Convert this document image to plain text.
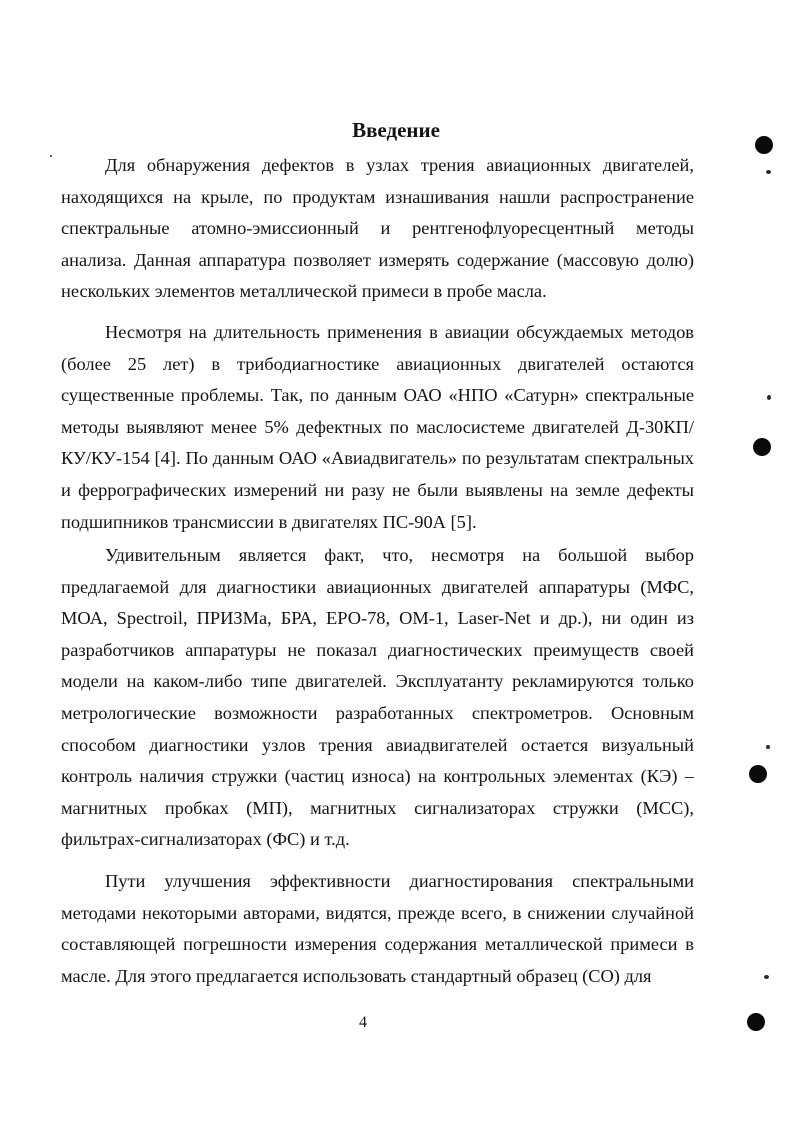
Введение

Для обнаружения дефектов в узлах трения авиационных двигателей, находящихся на крыле, по продуктам изнашивания нашли распространение спектральные атомно-эмиссионный и рентгенофлуоресцентный методы анализа. Данная аппаратура позволяет измерять содержание (массовую долю) нескольких элементов металлической примеси в пробе масла.

Несмотря на длительность применения в авиации обсуждаемых методов (более 25 лет) в трибодиагностике авиационных двигателей остаются существенные проблемы. Так, по данным ОАО «НПО «Сатурн» спектральные методы выявляют менее 5% дефектных по маслосистеме двигателей Д-30КП/КУ/КУ-154 [4]. По данным ОАО «Авиадвигатель» по результатам спектральных и феррографических измерений ни разу не были выявлены на земле дефекты подшипников трансмиссии в двигателях ПС-90А [5].

Удивительным является факт, что, несмотря на большой выбор предлагаемой для диагностики авиационных двигателей аппаратуры (МФС, МОА, Spectroil, ПРИЗМа, БРА, ЕРО-78, ОМ-1, Laser-Net и др.), ни один из разработчиков аппаратуры не показал диагностических преимуществ своей модели на каком-либо типе двигателей. Эксплуатанту рекламируются только метрологические возможности разработанных спектрометров. Основным способом диагностики узлов трения авиадвигателей остается визуальный контроль наличия стружки (частиц износа) на контрольных элементах (КЭ) – магнитных пробках (МП), магнитных сигнализаторах стружки (МСС), фильтрах-сигнализаторах (ФС) и т.д.

Пути улучшения эффективности диагностирования спектральными методами некоторыми авторами, видятся, прежде всего, в снижении случайной составляющей погрешности измерения содержания металлической примеси в масле. Для этого предлагается использовать стандартный образец (СО) для

4
